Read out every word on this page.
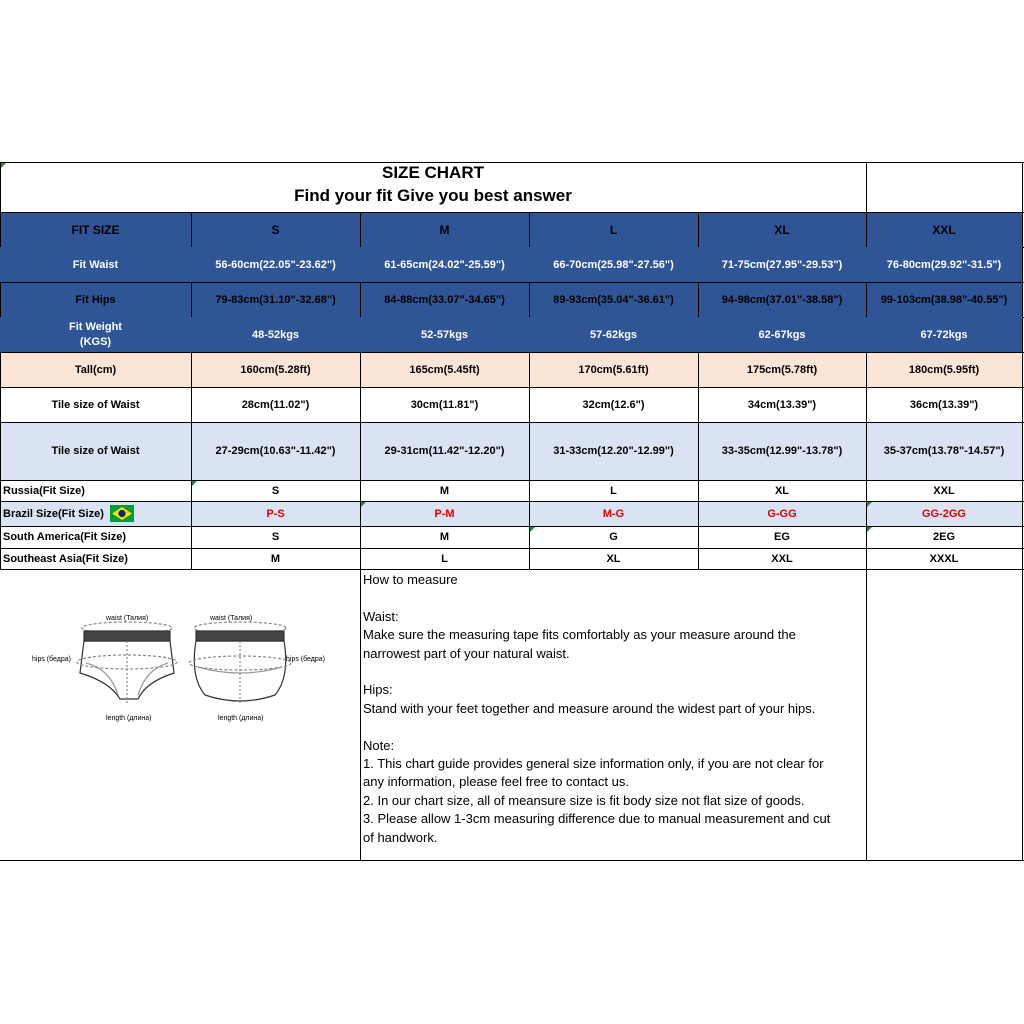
SIZE CHART
Find your fit Give you best answer
FIT SIZE	S	M	L	XL	XXL
Fit Waist	56-60cm(22.05"-23.62")	61-65cm(24.02"-25.59")	66-70cm(25.98"-27.56")	71-75cm(27.95"-29.53")	76-80cm(29.92"-31.5")
Fit Hips	79-83cm(31.10"-32.68")	84-88cm(33.07"-34.65")	89-93cm(35.04"-36.61")	94-98cm(37.01"-38.58")	99-103cm(38.98"-40.55")
Fit Weight
(KGS)
48-52kgs	52-57kgs	57-62kgs	62-67kgs	67-72kgs
Tall(cm)	160cm(5.28ft)	165cm(5.45ft)	170cm(5.61ft)	175cm(5.78ft)	180cm(5.95ft)
Tile size of Waist	28cm(11.02")	30cm(11.81")	32cm(12.6")	34cm(13.39")	36cm(13.39")
Tile size of Waist	27-29cm(10.63"-11.42")	29-31cm(11.42"-12.20")	31-33cm(12.20"-12.99")	33-35cm(12.99"-13.78")	35-37cm(13.78"-14.57")
Russia(Fit Size)	S	M	L	XL	XXL
Brazil Size(Fit Size)	P-S	P-M	M-G	G-GG	GG-2GG
South America(Fit Size)	S	M	G	EG	2EG
Southeast Asia(Fit Size)	M	L	XL	XXL	XXXL
waist (Талия)	waist (Талия)
hips (бедра)	hips (бедра)
length (длина)	length (длина)
How to measure
Waist:
Make sure the measuring tape fits comfortably as your measure around the
narrowest part of your natural waist.
Hips:
Stand with your feet together and measure around the widest part of your hips.
Note:
1. This chart guide provides general size information only, if you are not clear for
any information, please feel free to contact us.
2. In our chart size, all of meansure size is fit body size not flat size of goods.
3. Please allow 1-3cm measuring difference due to manual measurement and cut
of handwork.
